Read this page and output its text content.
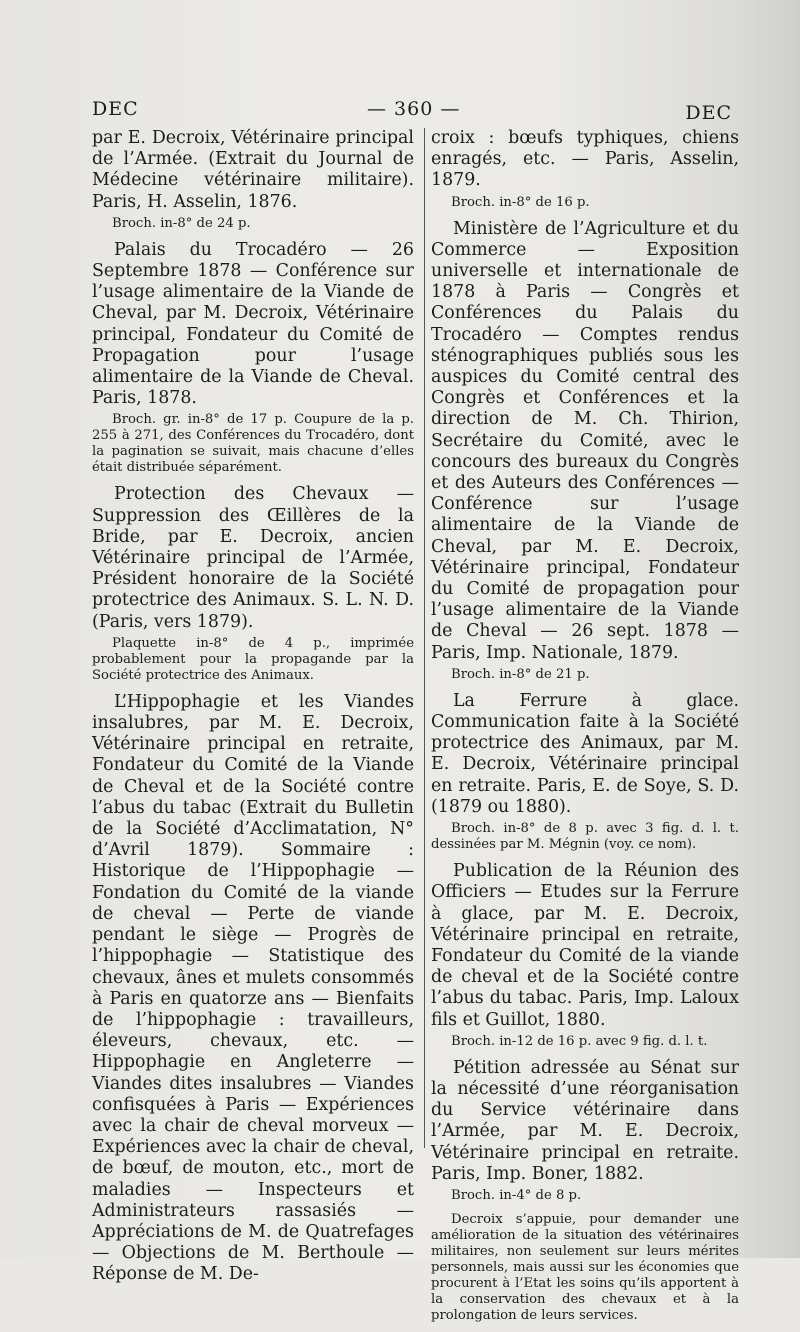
DEC	— 360 —	DEC

par E. Decroix, Vétérinaire principal de l’Armée. (Extrait du Journal de Médecine vétérinaire militaire). Paris, H. Asselin, 1876.

Broch. in-8° de 24 p.

Palais du Trocadéro — 26 Septembre 1878 — Conférence sur l’usage alimentaire de la Viande de Cheval, par M. Decroix, Vétérinaire principal, Fondateur du Comité de Propagation pour l’usage alimentaire de la Viande de Cheval. Paris, 1878.

Broch. gr. in-8° de 17 p. Coupure de la p. 255 à 271, des Conférences du Trocadéro, dont la pagination se suivait, mais chacune d’elles était distribuée séparément.

Protection des Chevaux — Suppression des Œillères de la Bride, par E. Decroix, ancien Vétérinaire principal de l’Armée, Président honoraire de la Société protectrice des Animaux. S. L. N. D. (Paris, vers 1879).

Plaquette in-8° de 4 p., imprimée probablement pour la propagande par la Société protectrice des Animaux.

L’Hippophagie et les Viandes insalubres, par M. E. Decroix, Vétérinaire principal en retraite, Fondateur du Comité de la Viande de Cheval et de la Société contre l’abus du tabac (Extrait du Bulletin de la Société d’Acclimatation, N° d’Avril 1879). Sommaire : Historique de l’Hippophagie — Fondation du Comité de la viande de cheval — Perte de viande pendant le siège — Progrès de l’hippophagie — Statistique des chevaux, ânes et mulets consommés à Paris en quatorze ans — Bienfaits de l’hippophagie : travailleurs, éleveurs, chevaux, etc. — Hippophagie en Angleterre — Viandes dites insalubres — Viandes confisquées à Paris — Expériences avec la chair de cheval morveux — Expériences avec la chair de cheval, de bœuf, de mouton, etc., mort de maladies — Inspecteurs et Administrateurs rassasiés — Appréciations de M. de Quatrefages — Objections de M. Berthoule — Réponse de M. De-

croix : bœufs typhiques, chiens enragés, etc. — Paris, Asselin, 1879.

Broch. in-8° de 16 p.

Ministère de l’Agriculture et du Commerce — Exposition universelle et internationale de 1878 à Paris — Congrès et Conférences du Palais du Trocadéro — Comptes rendus sténographiques publiés sous les auspices du Comité central des Congrès et Conférences et la direction de M. Ch. Thirion, Secrétaire du Comité, avec le concours des bureaux du Congrès et des Auteurs des Conférences — Conférence sur l’usage alimentaire de la Viande de Cheval, par M. E. Decroix, Vétérinaire principal, Fondateur du Comité de propagation pour l’usage alimentaire de la Viande de Cheval — 26 sept. 1878 — Paris, Imp. Nationale, 1879.

Broch. in-8° de 21 p.

La Ferrure à glace. Communication faite à la Société protectrice des Animaux, par M. E. Decroix, Vétérinaire principal en retraite. Paris, E. de Soye, S. D. (1879 ou 1880).

Broch. in-8° de 8 p. avec 3 fig. d. l. t. dessinées par M. Mégnin (voy. ce nom).

Publication de la Réunion des Officiers — Etudes sur la Ferrure à glace, par M. E. Decroix, Vétérinaire principal en retraite, Fondateur du Comité de la viande de cheval et de la Société contre l’abus du tabac. Paris, Imp. Laloux fils et Guillot, 1880.

Broch. in-12 de 16 p. avec 9 fig. d. l. t.

Pétition adressée au Sénat sur la nécessité d’une réorganisation du Service vétérinaire dans l’Armée, par M. E. Decroix, Vétérinaire principal en retraite. Paris, Imp. Boner, 1882.

Broch. in-4° de 8 p.

Decroix s’appuie, pour demander une amélioration de la situation des vétérinaires militaires, non seulement sur leurs mérites personnels, mais aussi sur les économies que procurent à l’Etat les soins qu’ils apportent à la conservation des chevaux et à la prolongation de leurs services.
